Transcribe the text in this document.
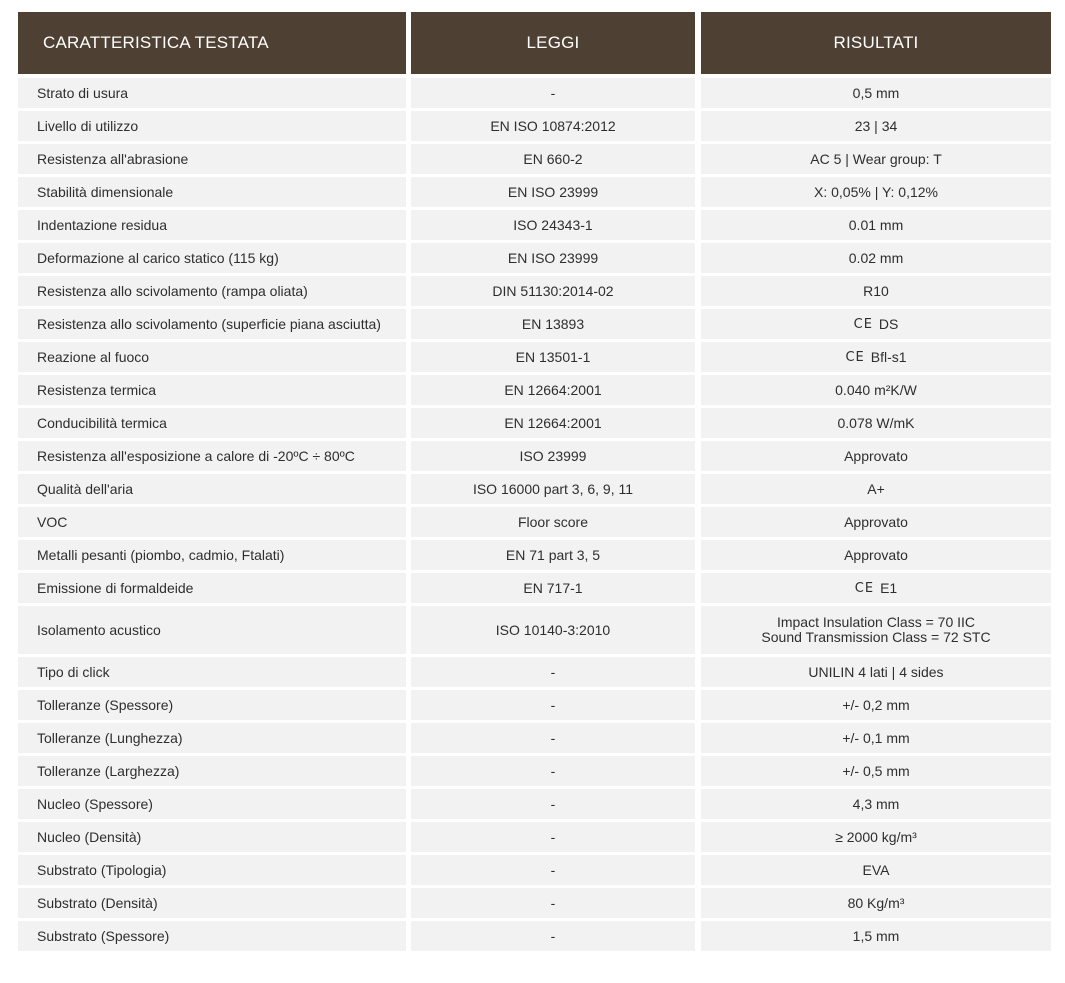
CARATTERISTICA TESTATA	LEGGI	RISULTATI
Strato di usura	-	0,5 mm
Livello di utilizzo	EN ISO 10874:2012	23 | 34
Resistenza all'abrasione	EN 660-2	AC 5 | Wear group: T
Stabilità dimensionale	EN ISO 23999	X: 0,05% | Y: 0,12%
Indentazione residua	ISO 24343-1	0.01 mm
Deformazione al carico statico (115 kg)	EN ISO 23999	0.02 mm
Resistenza allo scivolamento (rampa oliata)	DIN 51130:2014-02	R10
Resistenza allo scivolamento (superficie piana asciutta)	EN 13893	CE DS
Reazione al fuoco	EN 13501-1	CE Bfl-s1
Resistenza termica	EN 12664:2001	0.040 m²K/W
Conducibilità termica	EN 12664:2001	0.078 W/mK
Resistenza all'esposizione a calore di -20ºC ÷ 80ºC	ISO 23999	Approvato
Qualità dell'aria	ISO 16000 part 3, 6, 9, 11	A+
VOC	Floor score	Approvato
Metalli pesanti (piombo, cadmio, Ftalati)	EN 71 part 3, 5	Approvato
Emissione di formaldeide	EN 717-1	CE E1
Isolamento acustico	ISO 10140-3:2010	Impact Insulation Class = 70 IIC
Sound Transmission Class = 72 STC
Tipo di click	-	UNILIN 4 lati | 4 sides
Tolleranze (Spessore)	-	+/- 0,2 mm
Tolleranze (Lunghezza)	-	+/- 0,1 mm
Tolleranze (Larghezza)	-	+/- 0,5 mm
Nucleo (Spessore)	-	4,3 mm
Nucleo (Densità)	-	≥ 2000 kg/m³
Substrato (Tipologia)	-	EVA
Substrato (Densità)	-	80 Kg/m³
Substrato (Spessore)	-	1,5 mm
